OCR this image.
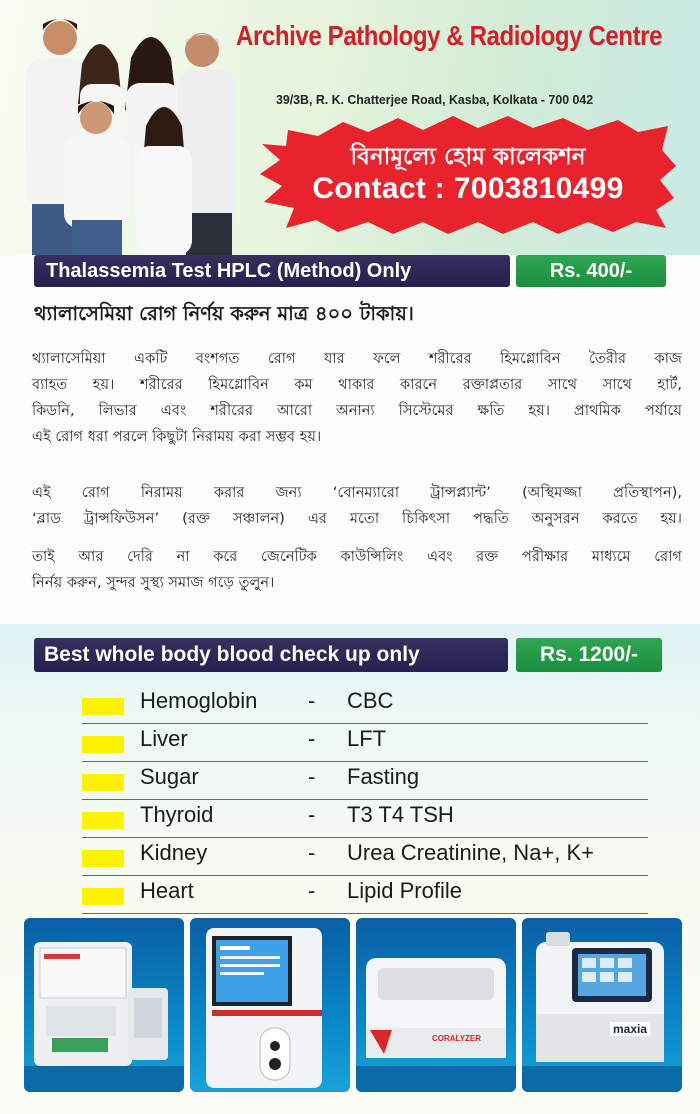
Archive Pathology & Radiology Centre
39/3B, R. K. Chatterjee Road, Kasba, Kolkata - 700 042
বিনামূল্যে হোম কালেকশন
Contact : 7003810499
Thalassemia Test HPLC (Method) Only	Rs. 400/-
থ্যালাসেমিয়া রোগ নির্ণয় করুন মাত্র ৪০০ টাকায়।
থ্যালাসেমিয়া একটি বংশগত রোগ যার ফলে শরীরের হিমগ্লোবিন তৈরীর কাজ
ব্যাহত হয়। শরীরের হিমগ্লোবিন কম থাকার কারনে রক্তাপ্লতার সাথে সাথে হার্ট,
কিডনি, লিভার এবং শরীরের আরো অনান্য সিস্টেমের ক্ষতি হয়। প্রাথমিক পর্যায়ে
এই রোগ ধরা পরলে কিছুটা নিরাময় করা সম্ভব হয়।
এই রোগ নিরাময় করার জন্য ‘বোনম্যারো ট্রান্সপ্ল্যান্ট’ (অস্থিমজ্জা প্রতিস্থাপন),
‘ব্লাড ট্রান্সফিউসন’ (রক্ত সঞ্চালন) এর মতো চিকিৎসা পদ্ধতি অনুসরন করতে হয়।
তাই আর দেরি না করে জেনেটিক কাউন্সিলিং এবং রক্ত পরীক্ষার মাধ্যমে রোগ
নির্নয় করুন, সুন্দর সুস্থ্য সমাজ গড়ে তুলুন।
Best whole body blood check up only	Rs. 1200/-
Hemoglobin - CBC
Liver	- LFT
Sugar	- Fasting
Thyroid	- T3 T4 TSH
Kidney	- Urea Creatinine, Na+, K+
Heart	- Lipid Profile
CORALYZER
maxia
